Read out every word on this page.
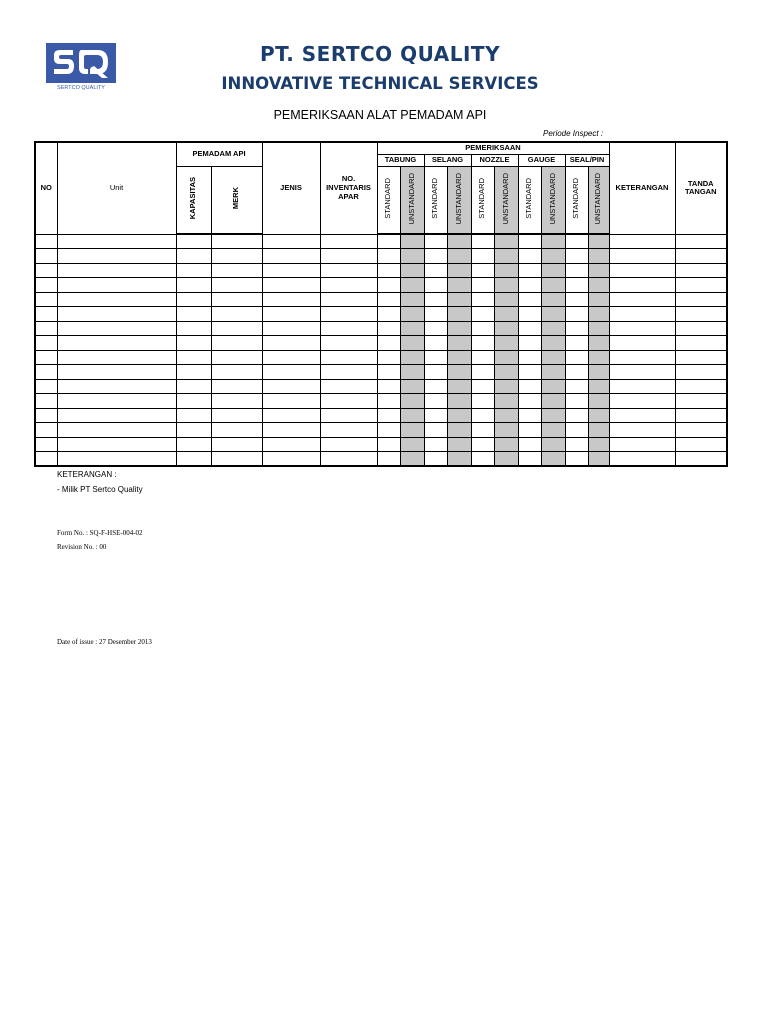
SERTCO QUALITY
PT. SERTCO QUALITY
INNOVATIVE TECHNICAL SERVICES
PEMERIKSAAN ALAT PEMADAM API
Periode Inspect :
NO	Unit	PEMADAM API		JENIS	NO. INVENTARIS APAR	PEMERIKSAAN										KETERANGAN	TANDA TANGAN
						TABUNG		SELANG		NOZZLE		GAUGE		SEAL/PIN			
		KAPASITAS	MERK			STANDARD	UNSTANDARD	STANDARD	UNSTANDARD	STANDARD	UNSTANDARD	STANDARD	UNSTANDARD	STANDARD	UNSTANDARD		

KETERANGAN :
- Milik PT Sertco Quality
Form No. : SQ-F-HSE-004-02
Revision No. : 00
Date of issue : 27 Desember 2013
